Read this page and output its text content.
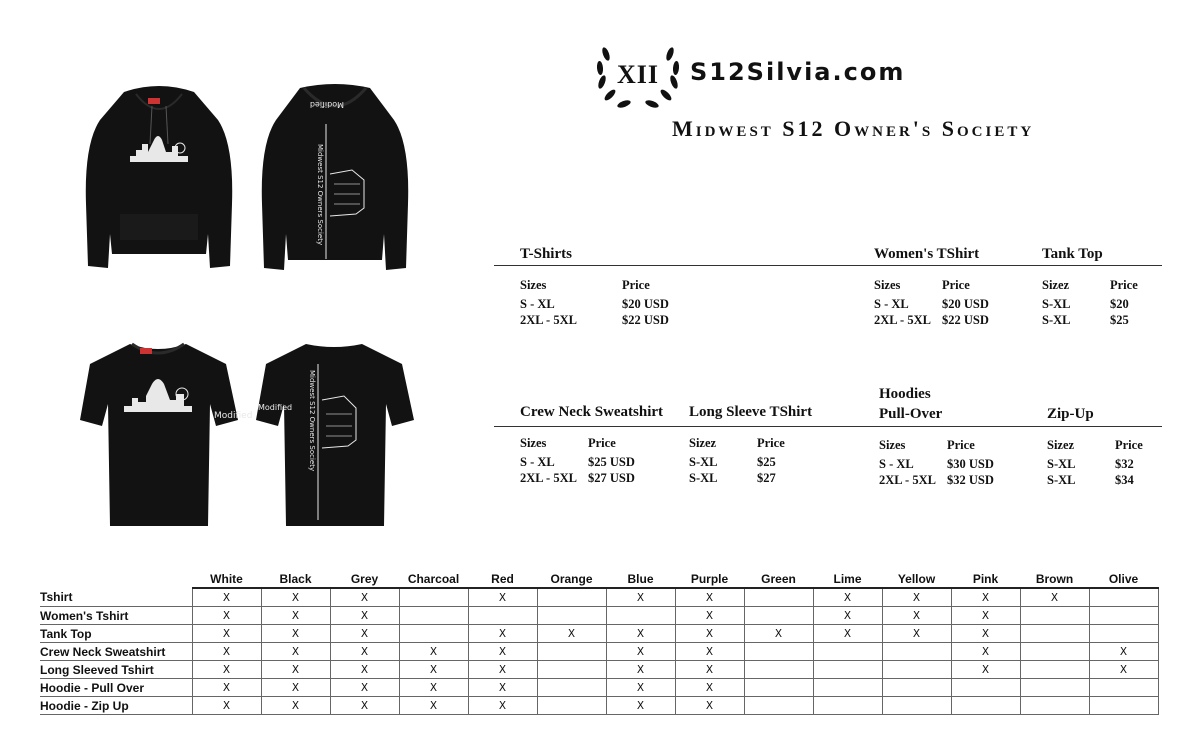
Modified
Midwest S12 Owners Society
Modified
Modified Midwest S12 Owners Society
XII	S12Silvia.com
Midwest S12 Owner's Society
T-Shirts	Women's TShirt	Tank Top
Sizes	Price
S - XL	$20 USD
2XL - 5XL	$22 USD
Sizes	Price
S - XL	$20 USD
2XL - 5XL $22 USD
Sizez	Price
S-XL	$20
S-XL	$25
Hoodies
Crew Neck Sweatshirt Long Sleeve TShirt	Pull-Over	Zip-Up
Sizes	Price
S - XL	$25 USD
2XL - 5XL $27 USD
Sizez	Price
S-XL	$25
S-XL	$27
Sizes	Price
S - XL	$30 USD
2XL - 5XL $32 USD
Sizez	Price
S-XL	$32
S-XL	$34
	White	Black	Grey	Charcoal	Red	Orange	Blue	Purple	Green	Lime	Yellow	Pink	Brown	Olive
Tshirt	X	X	X		X		X	X		X	X	X	X	
Women's Tshirt	X	X	X					X		X	X	X		
Tank Top	X	X	X		X	X	X	X	X	X	X	X		
Crew Neck Sweatshirt	X	X	X	X	X		X	X				X		X
Long Sleeved Tshirt	X	X	X	X	X		X	X				X		X
Hoodie - Pull Over	X	X	X	X	X		X	X						
Hoodie - Zip Up	X	X	X	X	X		X	X						
